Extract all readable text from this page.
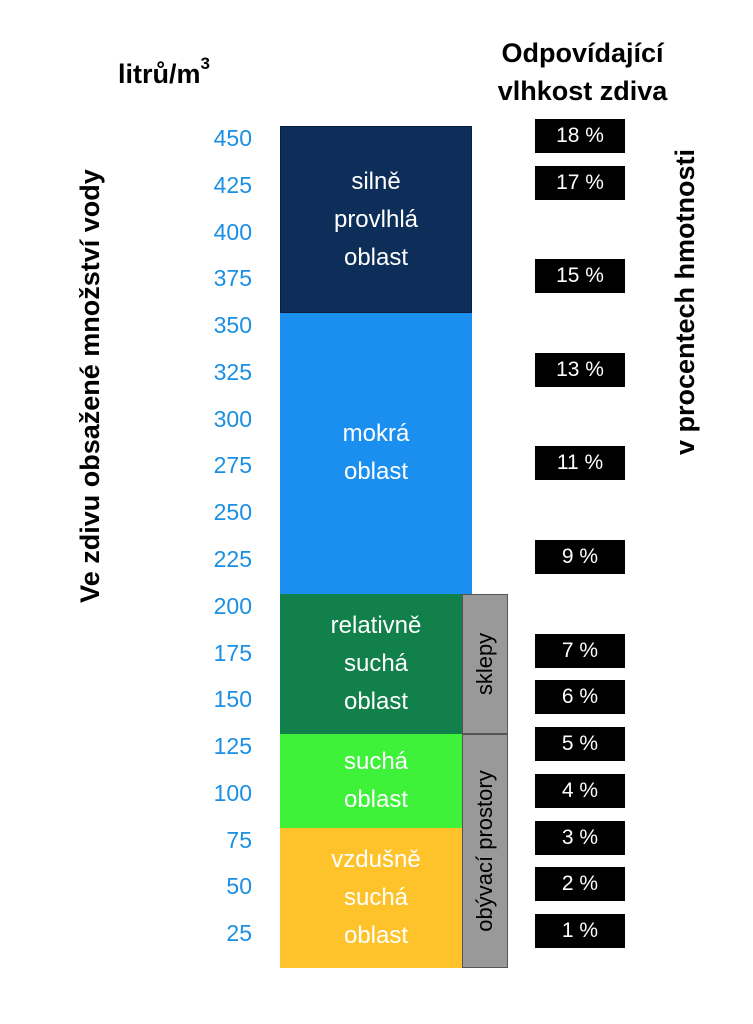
litrů/$m^3$	Odpovídající
vlhkost zdiva
Ve zdivu obsažené množství vody	v procentech hmotnosti
450
425
400
375
350
325
300
275
250
225
200
175
150
125
100
75
50
25
silně
provlhlá
oblast
mokrá
oblast
relativně
suchá
oblast
suchá
oblast
vzdušně
suchá
oblast
sklepy
obývací prostory
18 %
17 %
15 %
13 %
11 %
9 %
7 %
6 %
5 %
4 %
3 %
2 %
1 %
